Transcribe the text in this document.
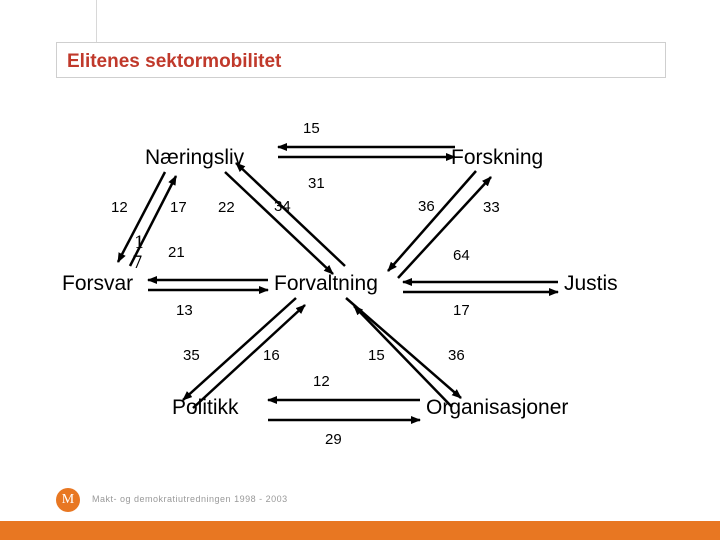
Elitenes sektormobilitet
Næringsliv	Forskning
Forsvar	Forvaltning	Justis
Politikk	Organisasjoner
15
31
12	17 22	34	36	33
21	64
13	17
35	16	15	36
12
29
1
7
M	Makt- og demokratiutredningen 1998 - 2003
